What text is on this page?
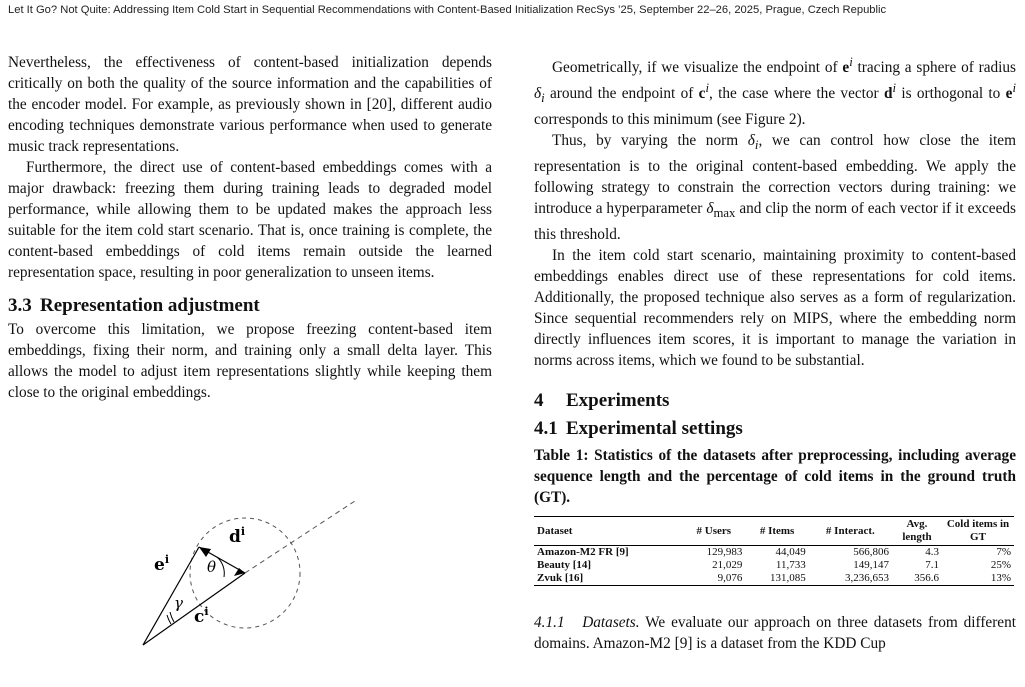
Let It Go? Not Quite: Addressing Item Cold Start in Sequential Recommendations with Content-Based Initialization RecSys ’25, September 22–26, 2025, Prague, Czech Republic

Nevertheless, the effectiveness of content-based initialization depends critically on both the quality of the source information and the capabilities of the encoder model. For example, as previously shown in [20], different audio encoding techniques demonstrate various performance when used to generate music track representations.

Furthermore, the direct use of content-based embeddings comes with a major drawback: freezing them during training leads to degraded model performance, while allowing them to be updated makes the approach less suitable for the item cold start scenario. That is, once training is complete, the content-based embeddings of cold items remain outside the learned representation space, resulting in poor generalization to unseen items.

3.3 Representation adjustment

To overcome this limitation, we propose freezing content-based item embeddings, fixing their norm, and training only a small delta layer. This allows the model to adjust item representations slightly while keeping them close to the original embeddings.

$e^i$
$d^i$
$c^i$
θ
γ

Geometrically, if we visualize the endpoint of $e^i$ tracing a sphere of radius $\delta_i$ around the endpoint of $c^i$, the case where the vector $d^i$ is orthogonal to $e^i$ corresponds to this minimum (see Figure 2).

Thus, by varying the norm $\delta_i$, we can control how close the item representation is to the original content-based embedding. We apply the following strategy to constrain the correction vectors during training: we introduce a hyperparameter $\delta_{max}$ and clip the norm of each vector if it exceeds this threshold.

In the item cold start scenario, maintaining proximity to content-based embeddings enables direct use of these representations for cold items. Additionally, the proposed technique also serves as a form of regularization. Since sequential recommenders rely on MIPS, where the embedding norm directly influences item scores, it is important to manage the variation in norms across items, which we found to be substantial.

4 Experiments
4.1 Experimental settings

Table 1: Statistics of the datasets after preprocessing, including average sequence length and the percentage of cold items in the ground truth (GT).

Dataset	# Users	# Items	# Interact.	Avg. length	Cold items in GT
Amazon-M2 FR [9]	129,983	44,049	566,806	4.3	7%
Beauty [14]	21,029	11,733	149,147	7.1	25%
Zvuk [16]	9,076	131,085	3,236,653	356.6	13%

4.1.1 Datasets. We evaluate our approach on three datasets from different domains. Amazon-M2 [9] is a dataset from the KDD Cup
